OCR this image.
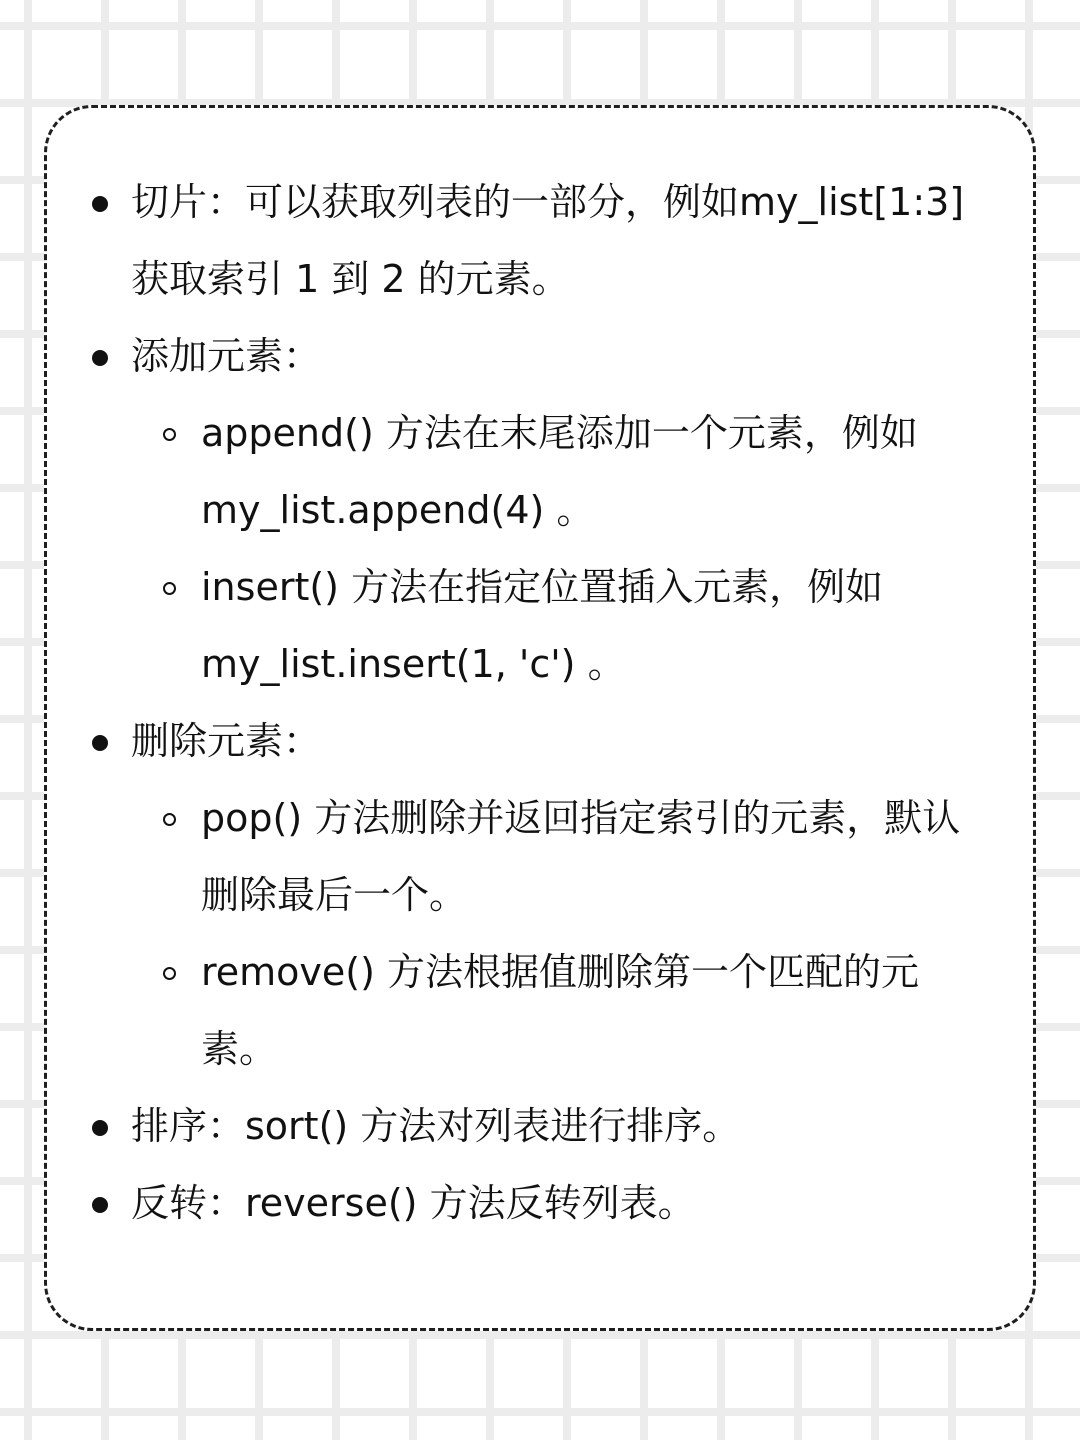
切片：可以获取列表的一部分，例如my_list[1:3]
获取索引 1 到 2 的元素。
添加元素：
append() 方法在末尾添加一个元素，例如
my_list.append(4) 。
insert() 方法在指定位置插入元素，例如
my_list.insert(1, 'c') 。
删除元素：
pop() 方法删除并返回指定索引的元素，默认
删除最后一个。
remove() 方法根据值删除第一个匹配的元
素。
排序：sort() 方法对列表进行排序。
反转：reverse() 方法反转列表。
